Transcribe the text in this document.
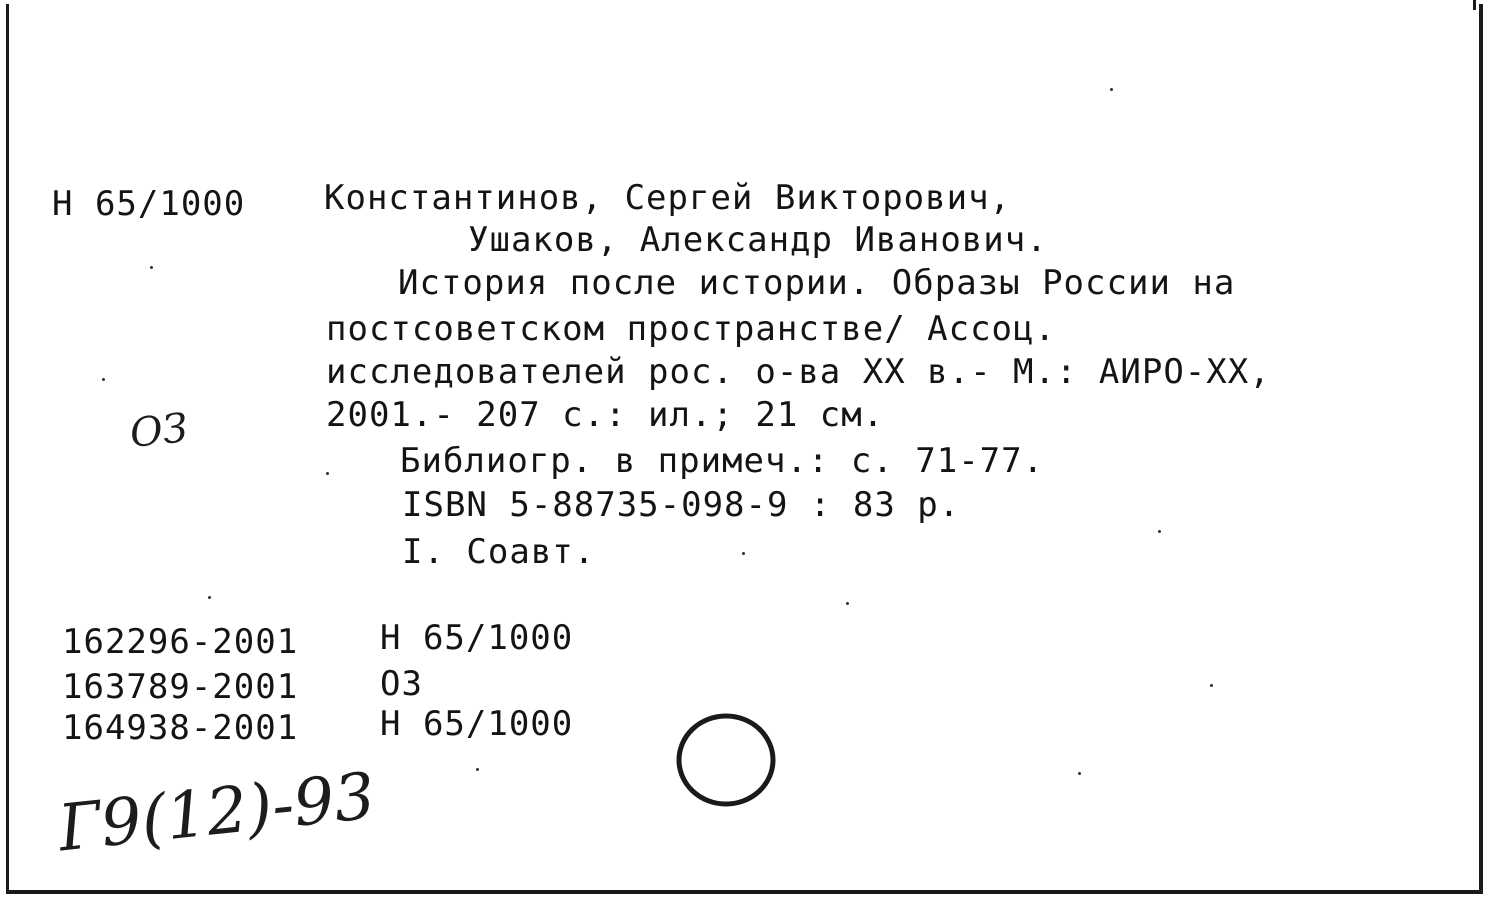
Н 65/1000 Константинов, Сергей Викторович,
Ушаков, Александр Иванович.
История после истории. Образы России на
постсоветском пространстве/ Ассоц.
исследователей рос. о-ва XX в.- М.: АИРО-XX,
2001.- 207 с.: ил.; 21 см.
Библиогр. в примеч.: с. 71-77.
ISBN 5-88735-098-9 : 83 р.
I. Соавт.
162296-2001 Н 65/1000
163789-2001 ОЗ
164938-2001 Н 65/1000
ОЗ
Г9(12)-93
